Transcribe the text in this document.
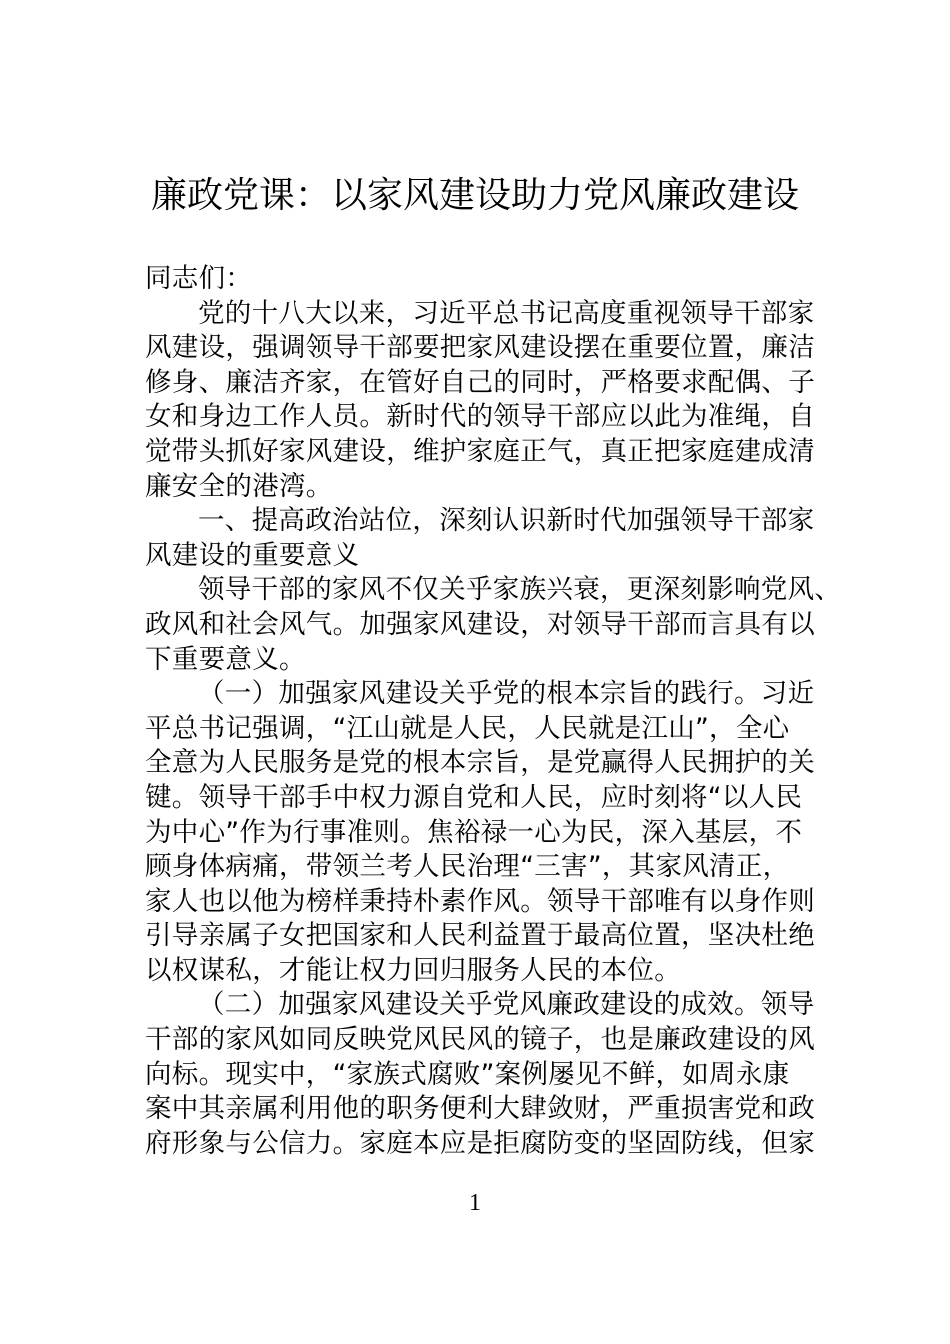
廉政党课：以家风建设助力党风廉政建设
同志们：
党的十八大以来，习近平总书记高度重视领导干部家
风建设，强调领导干部要把家风建设摆在重要位置，廉洁
修身、廉洁齐家，在管好自己的同时，严格要求配偶、子
女和身边工作人员。新时代的领导干部应以此为准绳，自
觉带头抓好家风建设，维护家庭正气，真正把家庭建成清
廉安全的港湾。
一、提高政治站位，深刻认识新时代加强领导干部家
风建设的重要意义
领导干部的家风不仅关乎家族兴衰，更深刻影响党风、
政风和社会风气。加强家风建设，对领导干部而言具有以
下重要意义。
（一）加强家风建设关乎党的根本宗旨的践行。习近
平总书记强调，“江山就是人民，人民就是江山”，全心
全意为人民服务是党的根本宗旨，是党赢得人民拥护的关
键。领导干部手中权力源自党和人民，应时刻将“以人民
为中心”作为行事准则。焦裕禄一心为民，深入基层，不
顾身体病痛，带领兰考人民治理“三害”，其家风清正，
家人也以他为榜样秉持朴素作风。领导干部唯有以身作则
引导亲属子女把国家和人民利益置于最高位置，坚决杜绝
以权谋私，才能让权力回归服务人民的本位。
（二）加强家风建设关乎党风廉政建设的成效。领导
干部的家风如同反映党风民风的镜子，也是廉政建设的风
向标。现实中，“家族式腐败”案例屡见不鲜，如周永康
案中其亲属利用他的职务便利大肆敛财，严重损害党和政
府形象与公信力。家庭本应是拒腐防变的坚固防线，但家
1
